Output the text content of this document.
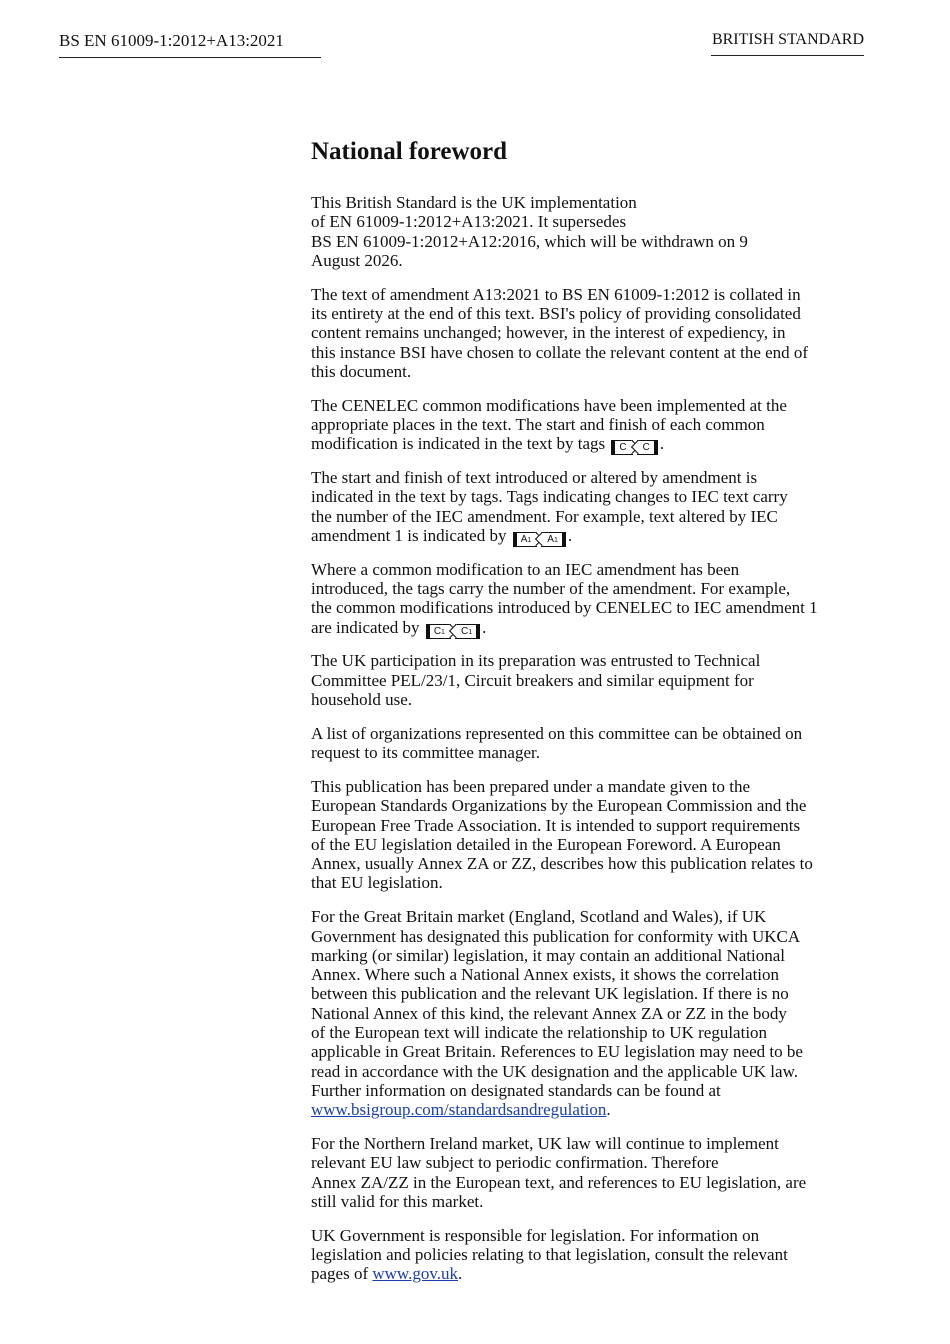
BS EN 61009-1:2012+A13:2021	BRITISH STANDARD
National foreword
This British Standard is the UK implementation
of EN 61009-1:2012+A13:2021. It supersedes
BS EN 61009-1:2012+A12:2016, which will be withdrawn on 9
August 2026.
The text of amendment A13:2021 to BS EN 61009-1:2012 is collated in
its entirety at the end of this text. BSI's policy of providing consolidated
content remains unchanged; however, in the interest of expediency, in
this instance BSI have chosen to collate the relevant content at the end of
this document.
The CENELEC common modifications have been implemented at the
appropriate places in the text. The start and finish of each common
modification is indicated in the text by tags C C .
The start and finish of text introduced or altered by amendment is
indicated in the text by tags. Tags indicating changes to IEC text carry
the number of the IEC amendment. For example, text altered by IEC
amendment 1 is indicated by A1 A1 .
Where a common modification to an IEC amendment has been
introduced, the tags carry the number of the amendment. For example,
the common modifications introduced by CENELEC to IEC amendment 1
are indicated by C1 C1 .
The UK participation in its preparation was entrusted to Technical
Committee PEL/23/1, Circuit breakers and similar equipment for
household use.
A list of organizations represented on this committee can be obtained on
request to its committee manager.
This publication has been prepared under a mandate given to the
European Standards Organizations by the European Commission and the
European Free Trade Association. It is intended to support requirements
of the EU legislation detailed in the European Foreword. A European
Annex, usually Annex ZA or ZZ, describes how this publication relates to
that EU legislation.
For the Great Britain market (England, Scotland and Wales), if UK
Government has designated this publication for conformity with UKCA
marking (or similar) legislation, it may contain an additional National
Annex. Where such a National Annex exists, it shows the correlation
between this publication and the relevant UK legislation. If there is no
National Annex of this kind, the relevant Annex ZA or ZZ in the body
of the European text will indicate the relationship to UK regulation
applicable in Great Britain. References to EU legislation may need to be
read in accordance with the UK designation and the applicable UK law.
Further information on designated standards can be found at
www.bsigroup.com/standardsandregulation.
For the Northern Ireland market, UK law will continue to implement
relevant EU law subject to periodic confirmation. Therefore
Annex ZA/ZZ in the European text, and references to EU legislation, are
still valid for this market.
UK Government is responsible for legislation. For information on
legislation and policies relating to that legislation, consult the relevant
pages of www.gov.uk.
